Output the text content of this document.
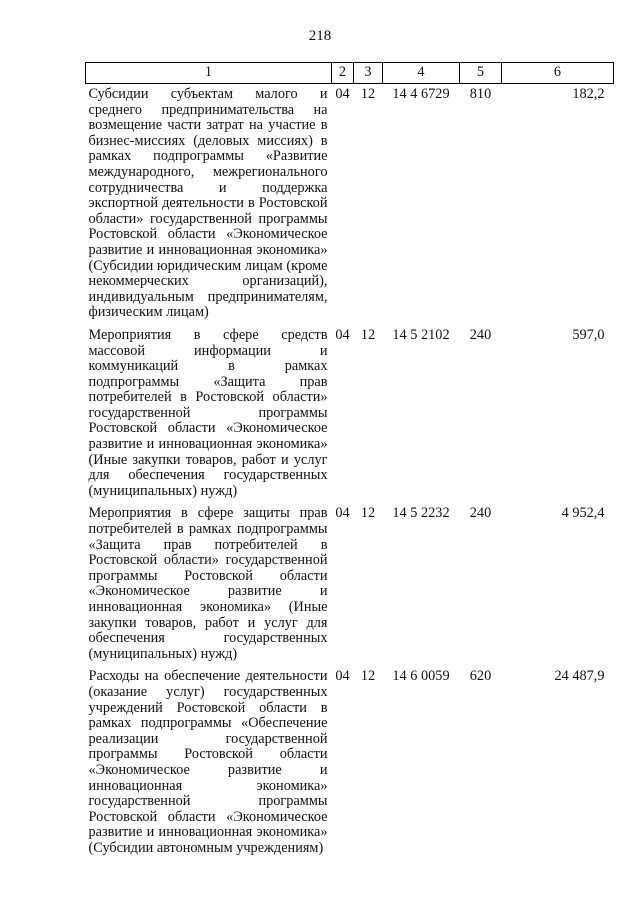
218
1	2	3	4	5	6
Субсидии субъектам малого и среднего предпринимательства на возмещение части затрат на участие в бизнес-миссиях (деловых миссиях) в рамках подпрограммы «Развитие международного, межрегионального сотрудничества и поддержка экспортной деятельности в Ростовской области» государственной программы Ростовской области «Экономическое развитие и инновационная экономика» (Субсидии юридическим лицам (кроме некоммерческих организаций), индивидуальным предпринимателям, физическим лицам)	04	12	14 4 6729	810	182,2
Мероприятия в сфере средств массовой информации и коммуникаций в рамках подпрограммы «Защита прав потребителей в Ростовской области» государственной программы Ростовской области «Экономическое развитие и инновационная экономика» (Иные закупки товаров, работ и услуг для обеспечения государственных (муниципальных) нужд)	04	12	14 5 2102	240	597,0
Мероприятия в сфере защиты прав потребителей в рамках подпрограммы «Защита прав потребителей в Ростовской области» государственной программы Ростовской области «Экономическое развитие и инновационная экономика» (Иные закупки товаров, работ и услуг для обеспечения государственных (муниципальных) нужд)	04	12	14 5 2232	240	4 952,4
Расходы на обеспечение деятельности (оказание услуг) государственных учреждений Ростовской области в рамках подпрограммы «Обеспечение реализации государственной программы Ростовской области «Экономическое развитие и инновационная экономика» государственной программы Ростовской области «Экономическое развитие и инновационная экономика» (Субсидии автономным учреждениям)	04	12	14 6 0059	620	24 487,9
